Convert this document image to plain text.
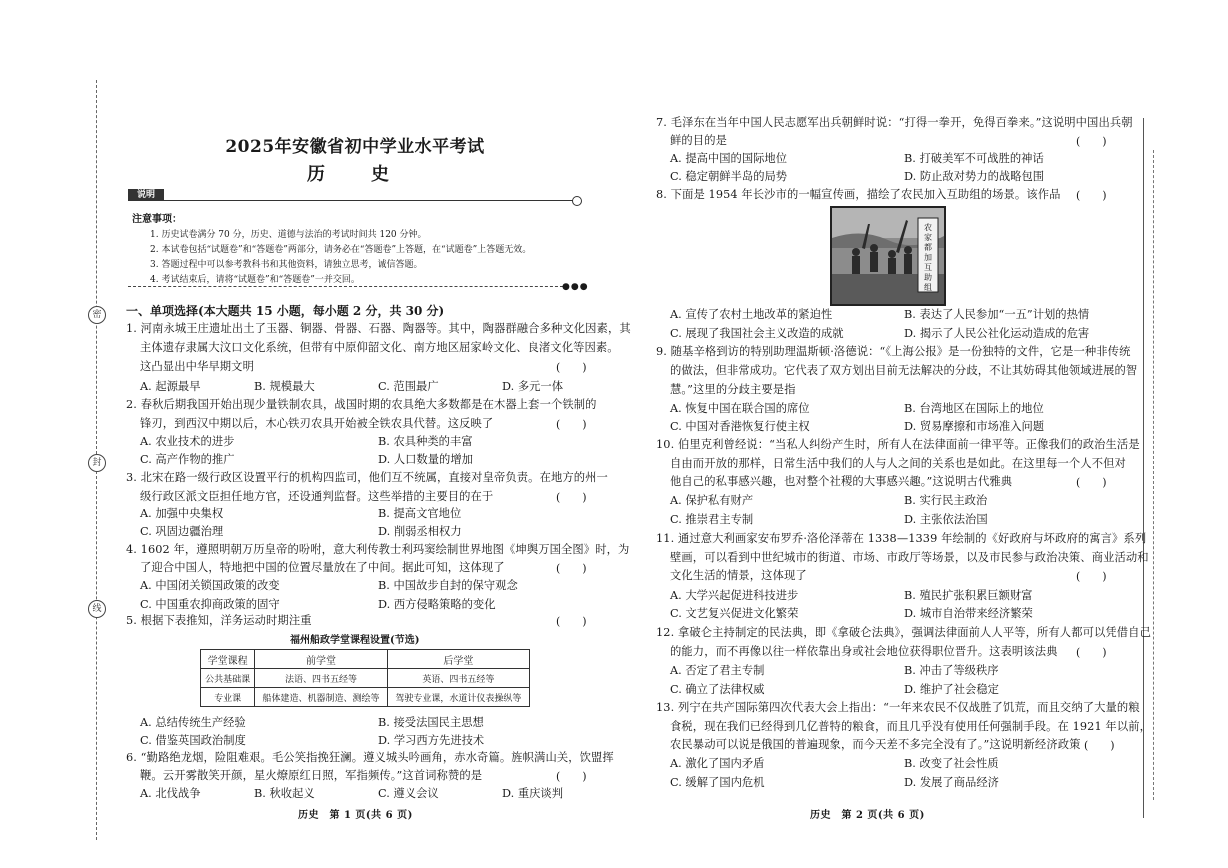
密
封
线
2025年安徽省初中学业水平考试
历　史
说明
注意事项：
1. 历史试卷满分 70 分，历史、道德与法治的考试时间共 120 分钟。
2. 本试卷包括“试题卷”和“答题卷”两部分，请务必在“答题卷”上答题，在“试题卷”上答题无效。
3. 答题过程中可以参考教科书和其他资料，请独立思考，诚信答题。
4. 考试结束后，请将“试题卷”和“答题卷”一并交回。
●●●
一、单项选择(本大题共 15 小题，每小题 2 分，共 30 分)
1. 河南永城王庄遗址出土了玉器、铜器、骨器、石器、陶器等。其中，陶器群融合多种文化因素，其
主体遗存隶属大汶口文化系统，但带有中原仰韶文化、南方地区屈家岭文化、良渚文化等因素。
这凸显出中华早期文明	(　　)
A. 起源最早	B. 规模最大	C. 范围最广	D. 多元一体
2. 春秋后期我国开始出现少量铁制农具，战国时期的农具绝大多数都是在木器上套一个铁制的
锋刃，到西汉中期以后，木心铁刃农具开始被全铁农具代替。这反映了	(　　)
A. 农业技术的进步	B. 农具种类的丰富
C. 高产作物的推广	D. 人口数量的增加
3. 北宋在路一级行政区设置平行的机构四监司，他们互不统属，直接对皇帝负责。在地方的州一
级行政区派文臣担任地方官，还设通判监督。这些举措的主要目的在于	(　　)
A. 加强中央集权	B. 提高文官地位
C. 巩固边疆治理	D. 削弱丞相权力
4. 1602 年，遵照明朝万历皇帝的吩咐，意大利传教士利玛窦绘制世界地图《坤舆万国全图》时，为
了迎合中国人，特地把中国的位置尽量放在了中间。据此可知，这体现了	(　　)
A. 中国闭关锁国政策的改变	B. 中国故步自封的保守观念
C. 中国重农抑商政策的固守	D. 西方侵略策略的变化
5. 根据下表推知，洋务运动时期注重	(　　)
福州船政学堂课程设置(节选)
学堂课程	前学堂	后学堂
公共基础课	法语、四书五经等	英语、四书五经等
专业课	船体建造、机器制造、测绘等	驾驶专业课，水道计仪表操纵等
A. 总结传统生产经验	B. 接受法国民主思想
C. 借鉴英国政治制度	D. 学习西方先进技术
6. “勤路绝龙烟，险阻难艰。毛公笑指挽狂澜。遵义城头吟画角，赤水奇篇。旌帜满山关，饮盟挥
鞭。云开雾散笑开颜，星火燎原红日照，军指频传。”这首词称赞的是	(　　)
A. 北伐战争	B. 秋收起义	C. 遵义会议	D. 重庆谈判
历史　第 1 页(共 6 页)
7. 毛泽东在当年中国人民志愿军出兵朝鲜时说：“打得一拳开，免得百拳来。”这说明中国出兵朝
鲜的目的是	(　　)
A. 提高中国的国际地位	B. 打破美军不可战胜的神话
C. 稳定朝鲜半岛的局势	D. 防止敌对势力的战略包围
8. 下面是 1954 年长沙市的一幅宣传画，描绘了农民加入互助组的场景。该作品 (　　)
农
家
都
加
互
助
组
A. 宣传了农村土地改革的紧迫性	B. 表达了人民参加“一五”计划的热情
C. 展现了我国社会主义改造的成就	D. 揭示了人民公社化运动造成的危害
9. 随基辛格到访的特别助理温斯顿·洛德说：“《上海公报》是一份独特的文件，它是一种非传统
的做法，但非常成功。它代表了双方划出目前无法解决的分歧，不让其妨碍其他领域进展的智
慧。”这里的分歧主要是指
A. 恢复中国在联合国的席位	B. 台湾地区在国际上的地位
C. 中国对香港恢复行使主权	D. 贸易摩擦和市场准入问题
10. 伯里克利曾经说：“当私人纠纷产生时，所有人在法律面前一律平等。正像我们的政治生活是
自由而开放的那样，日常生活中我们的人与人之间的关系也是如此。在这里每一个人不但对
他自己的私事感兴趣，也对整个社稷的大事感兴趣。”这说明古代雅典	(　　)
A. 保护私有财产	B. 实行民主政治
C. 推崇君主专制	D. 主张依法治国
11. 通过意大利画家安布罗乔·洛伦泽蒂在 1338—1339 年绘制的《好政府与坏政府的寓言》系列
壁画，可以看到中世纪城市的街道、市场、市政厅等场景，以及市民参与政治决策、商业活动和
文化生活的情景，这体现了	(　　)
A. 大学兴起促进科技进步	B. 殖民扩张积累巨额财富
C. 文艺复兴促进文化繁荣	D. 城市自治带来经济繁荣
12. 拿破仑主持制定的民法典，即《拿破仑法典》，强调法律面前人人平等，所有人都可以凭借自己
的能力，而不再像以往一样依靠出身或社会地位获得职位晋升。这表明该法典 (　　)
A. 否定了君主专制	B. 冲击了等级秩序
C. 确立了法律权威	D. 维护了社会稳定
13. 列宁在共产国际第四次代表大会上指出：“一年来农民不仅战胜了饥荒，而且交纳了大量的粮
食税，现在我们已经得到几亿普特的粮食，而且几乎没有使用任何强制手段。在 1921 年以前，
农民暴动可以说是俄国的普遍现象，而今天差不多完全没有了。”这说明新经济政策 (　　)
A. 激化了国内矛盾	B. 改变了社会性质
C. 缓解了国内危机	D. 发展了商品经济
历史　第 2 页(共 6 页)
